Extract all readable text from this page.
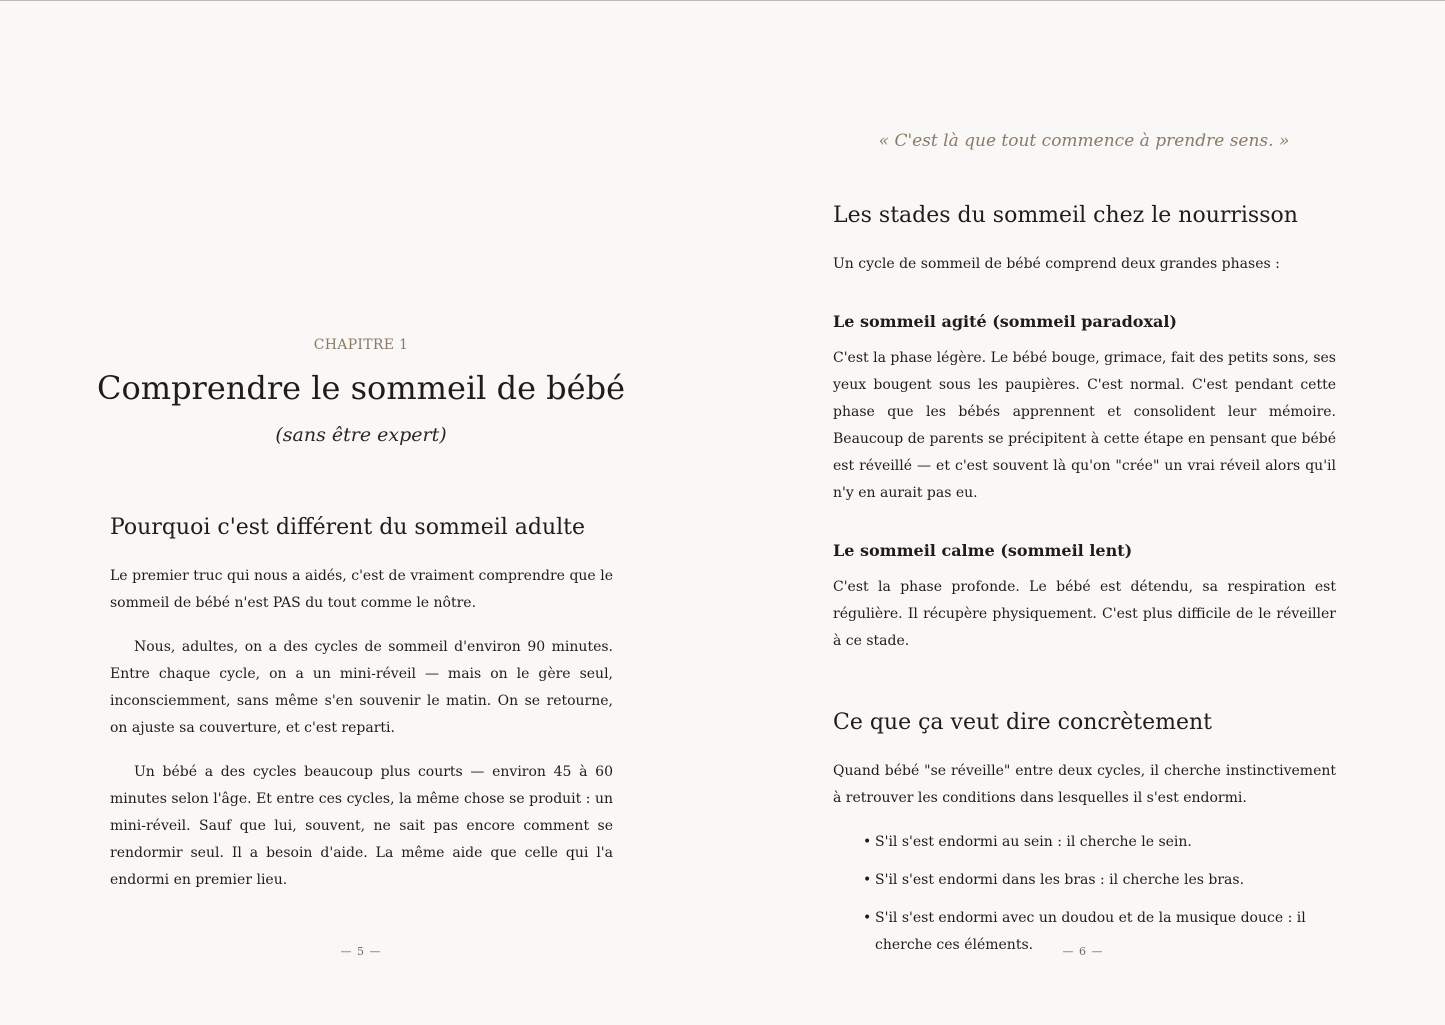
CHAPITRE 1
Comprendre le sommeil de bébé
(sans être expert)
Pourquoi c'est différent du sommeil adulte

Le premier truc qui nous a aidés, c'est de vraiment comprendre que le sommeil de bébé n'est PAS du tout comme le nôtre.

Nous, adultes, on a des cycles de sommeil d'environ 90 minutes. Entre chaque cycle, on a un mini-réveil — mais on le gère seul, inconsciemment, sans même s'en souvenir le matin. On se retourne, on ajuste sa couverture, et c'est reparti.

Un bébé a des cycles beaucoup plus courts — environ 45 à 60 minutes selon l'âge. Et entre ces cycles, la même chose se produit : un mini-réveil. Sauf que lui, souvent, ne sait pas encore comment se rendormir seul. Il a besoin d'aide. La même aide que celle qui l'a endormi en premier lieu.

— 5 —
« C'est là que tout commence à prendre sens. »
Les stades du sommeil chez le nourrisson

Un cycle de sommeil de bébé comprend deux grandes phases :

Le sommeil agité (sommeil paradoxal)

C'est la phase légère. Le bébé bouge, grimace, fait des petits sons, ses yeux bougent sous les paupières. C'est normal. C'est pendant cette phase que les bébés apprennent et consolident leur mémoire. Beaucoup de parents se précipitent à cette étape en pensant que bébé est réveillé — et c'est souvent là qu'on "crée" un vrai réveil alors qu'il n'y en aurait pas eu.

Le sommeil calme (sommeil lent)

C'est la phase profonde. Le bébé est détendu, sa respiration est régulière. Il récupère physiquement. C'est plus difficile de le réveiller à ce stade.

Ce que ça veut dire concrètement

Quand bébé "se réveille" entre deux cycles, il cherche instinctivement à retrouver les conditions dans lesquelles il s'est endormi.

• S'il s'est endormi au sein : il cherche le sein.
• S'il s'est endormi dans les bras : il cherche les bras.
• S'il s'est endormi avec un doudou et de la musique douce : il cherche ces éléments.	— 6 —
